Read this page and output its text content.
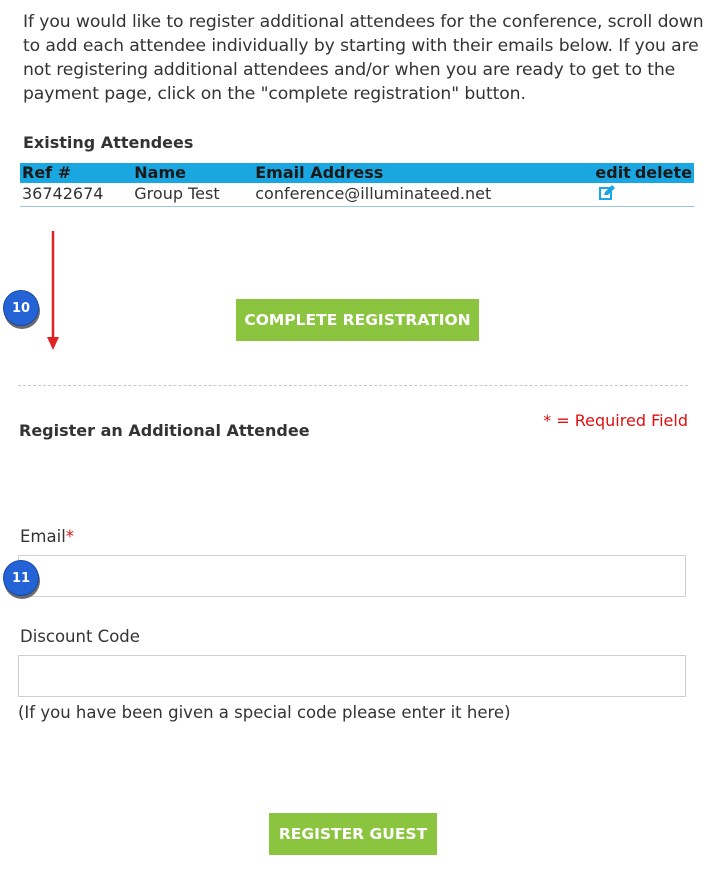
If you would like to register additional attendees for the conference, scroll down to add each attendee individually by starting with their emails below. If you are not registering additional attendees and/or when you are ready to get to the payment page, click on the "complete registration" button.

Existing Attendees
Ref #	Name	Email Address	edit	delete
36742674	Group Test	conference@illuminateed.net		
10
COMPLETE REGISTRATION
Register an Additional Attendee
* = Required Field
Email*
11
Discount Code
(If you have been given a special code please enter it here)
REGISTER GUEST
